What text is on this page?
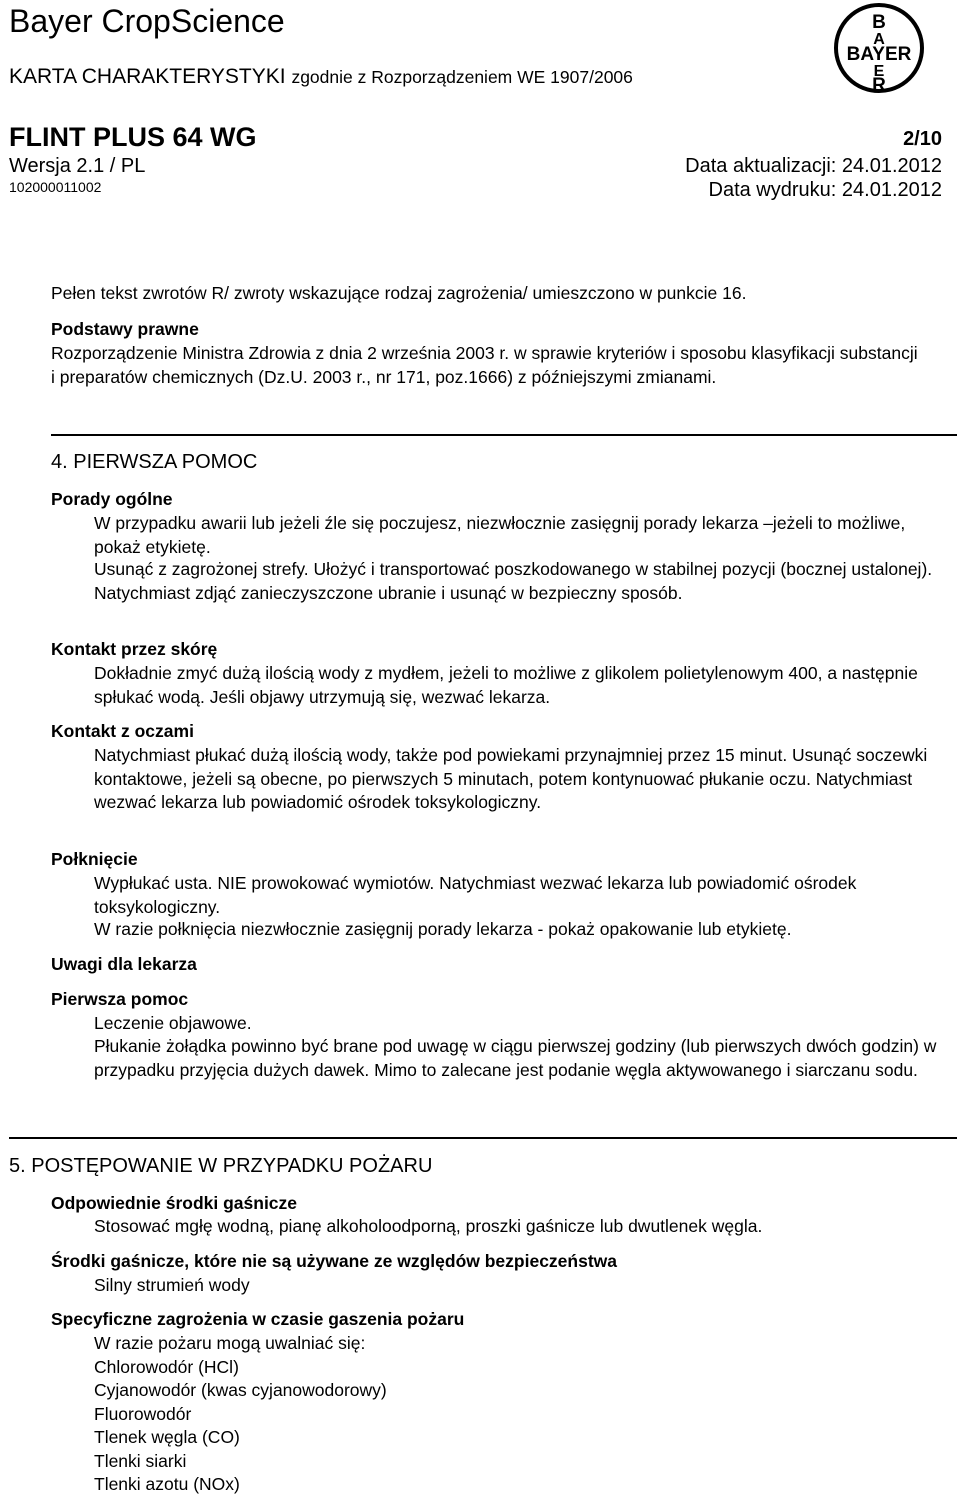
Bayer CropScience
KARTA CHARAKTERYSTYKI zgodnie z Rozporządzeniem WE 1907/2006
FLINT PLUS 64 WG	2/10
Wersja 2.1 / PL	Data aktualizacji: 24.01.2012
102000011002	Data wydruku: 24.01.2012
B
A
BAYER
E
R

Pełen tekst zwrotów R/ zwroty wskazujące rodzaj zagrożenia/ umieszczono w punkcie 16.

Podstawy prawne

Rozporządzenie Ministra Zdrowia z dnia 2 września 2003 r. w sprawie kryteriów i sposobu klasyfikacji substancji i preparatów chemicznych (Dz.U. 2003 r., nr 171, poz.1666) z późniejszymi zmianami.

4. PIERWSZA POMOC

Porady ogólne

W przypadku awarii lub jeżeli źle się poczujesz, niezwłocznie zasięgnij porady lekarza –jeżeli to możliwe, pokaż etykietę.

Usunąć z zagrożonej strefy. Ułożyć i transportować poszkodowanego w stabilnej pozycji (bocznej ustalonej). Natychmiast zdjąć zanieczyszczone ubranie i usunąć w bezpieczny sposób.

Kontakt przez skórę

Dokładnie zmyć dużą ilością wody z mydłem, jeżeli to możliwe z glikolem polietylenowym 400, a następnie spłukać wodą. Jeśli objawy utrzymują się, wezwać lekarza.

Kontakt z oczami

Natychmiast płukać dużą ilością wody, także pod powiekami przynajmniej przez 15 minut. Usunąć soczewki kontaktowe, jeżeli są obecne, po pierwszych 5 minutach, potem kontynuować płukanie oczu. Natychmiast wezwać lekarza lub powiadomić ośrodek toksykologiczny.

Połknięcie

Wypłukać usta. NIE prowokować wymiotów. Natychmiast wezwać lekarza lub powiadomić ośrodek toksykologiczny.

W razie połknięcia niezwłocznie zasięgnij porady lekarza - pokaż opakowanie lub etykietę.

Uwagi dla lekarza

Pierwsza pomoc

Leczenie objawowe.

Płukanie żołądka powinno być brane pod uwagę w ciągu pierwszej godziny (lub pierwszych dwóch godzin) w przypadku przyjęcia dużych dawek. Mimo to zalecane jest podanie węgla aktywowanego i siarczanu sodu.

5. POSTĘPOWANIE W PRZYPADKU POŻARU

Odpowiednie środki gaśnicze

Stosować mgłę wodną, pianę alkoholoodporną, proszki gaśnicze lub dwutlenek węgla.

Środki gaśnicze, które nie są używane ze względów bezpieczeństwa

Silny strumień wody

Specyficzne zagrożenia w czasie gaszenia pożaru

W razie pożaru mogą uwalniać się:
Chlorowodór (HCl)
Cyjanowodór (kwas cyjanowodorowy)
Fluorowodór
Tlenek węgla (CO)
Tlenki siarki
Tlenki azotu (NOx)
